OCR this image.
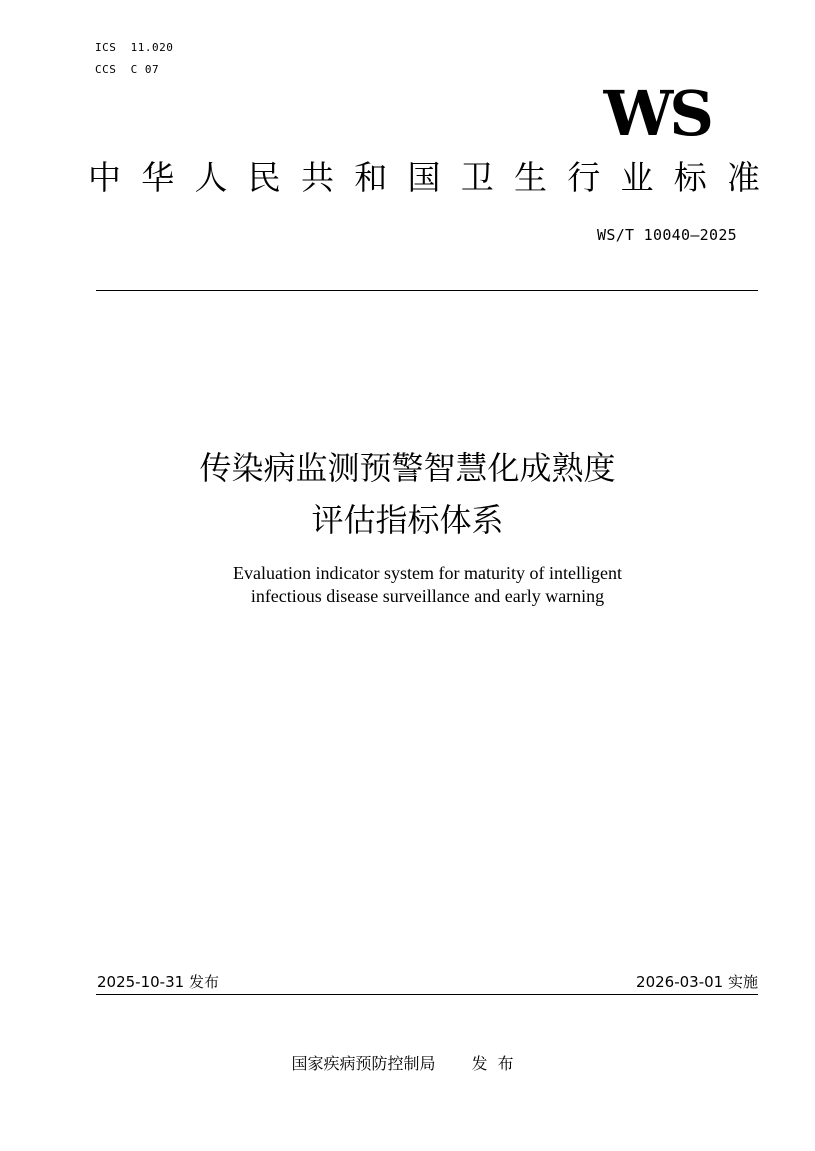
ICS  11.020
CCS  C 07
WS
中 华 人 民 共 和 国 卫 生 行 业 标 准
WS/T 10040—2025
传染病监测预警智慧化成熟度
评估指标体系
Evaluation indicator system for maturity of intelligent
infectious disease surveillance and early warning
2025-10-31 发布	2026-03-01 实施
国家疾病预防控制局 发布
